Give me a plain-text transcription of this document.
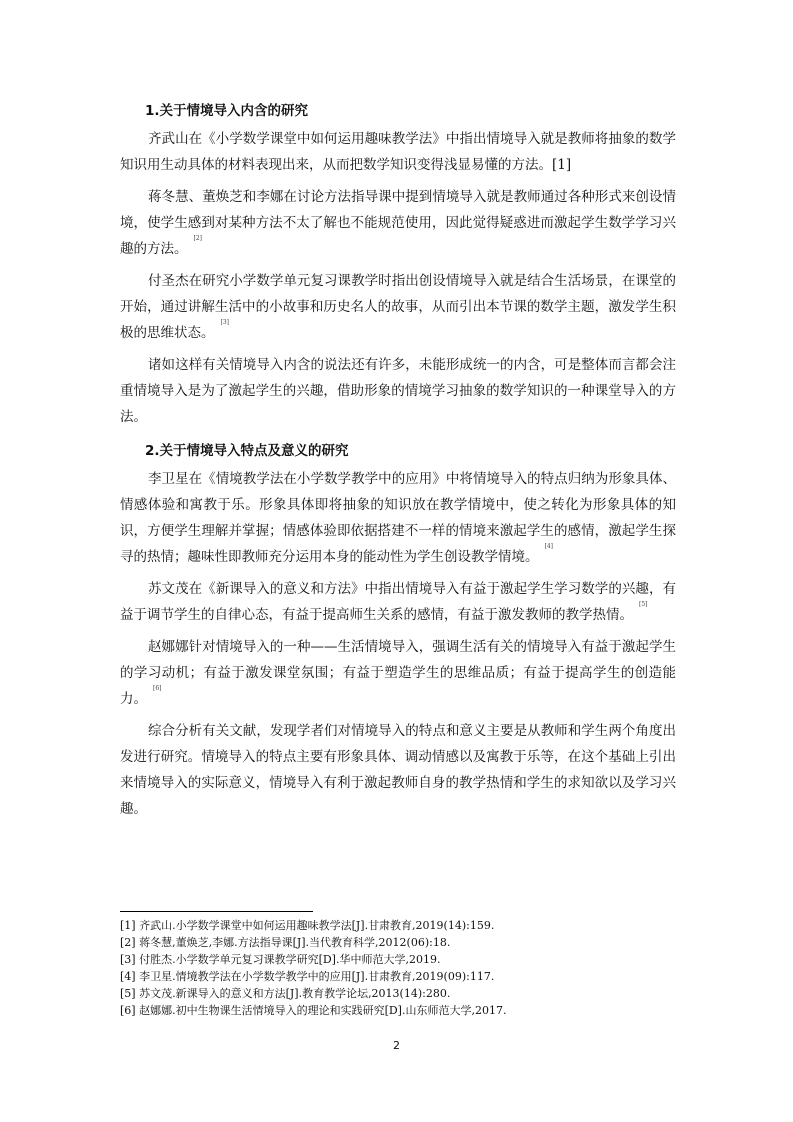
1.关于情境导入内含的研究

齐武山在《小学数学课堂中如何运用趣味教学法》中指出情境导入就是教师将抽象的数学知识用生动具体的材料表现出来，从而把数学知识变得浅显易懂的方法。[1]

蒋冬慧、董焕芝和李娜在讨论方法指导课中提到情境导入就是教师通过各种形式来创设情境，使学生感到对某种方法不太了解也不能规范使用，因此觉得疑惑进而激起学生数学学习兴趣的方法。[2]

付圣杰在研究小学数学单元复习课教学时指出创设情境导入就是结合生活场景，在课堂的开始，通过讲解生活中的小故事和历史名人的故事，从而引出本节课的数学主题，激发学生积极的思维状态。[3]

诸如这样有关情境导入内含的说法还有许多，未能形成统一的内含，可是整体而言都会注重情境导入是为了激起学生的兴趣，借助形象的情境学习抽象的数学知识的一种课堂导入的方法。

2.关于情境导入特点及意义的研究

李卫星在《情境教学法在小学数学教学中的应用》中将情境导入的特点归纳为形象具体、情感体验和寓教于乐。形象具体即将抽象的知识放在教学情境中，使之转化为形象具体的知识，方便学生理解并掌握；情感体验即依据搭建不一样的情境来激起学生的感情，激起学生探寻的热情；趣味性即教师充分运用本身的能动性为学生创设教学情境。[4]

苏文茂在《新课导入的意义和方法》中指出情境导入有益于激起学生学习数学的兴趣，有益于调节学生的自律心态，有益于提高师生关系的感情，有益于激发教师的教学热情。[5]

赵娜娜针对情境导入的一种——生活情境导入，强调生活有关的情境导入有益于激起学生的学习动机；有益于激发课堂氛围；有益于塑造学生的思维品质；有益于提高学生的创造能力。[6]

综合分析有关文献，发现学者们对情境导入的特点和意义主要是从教师和学生两个角度出发进行研究。情境导入的特点主要有形象具体、调动情感以及寓教于乐等，在这个基础上引出来情境导入的实际意义，情境导入有利于激起教师自身的教学热情和学生的求知欲以及学习兴趣。

[1] 齐武山.小学数学课堂中如何运用趣味教学法[J].甘肃教育,2019(14):159.
[2] 蒋冬慧,董焕芝,李娜.方法指导课[J].当代教育科学,2012(06):18.
[3] 付胜杰.小学数学单元复习课教学研究[D].华中师范大学,2019.
[4] 李卫星.情境教学法在小学数学教学中的应用[J].甘肃教育,2019(09):117.
[5] 苏文茂.新课导入的意义和方法[J].教育教学论坛,2013(14):280.
[6] 赵娜娜.初中生物课生活情境导入的理论和实践研究[D].山东师范大学,2017.
2
